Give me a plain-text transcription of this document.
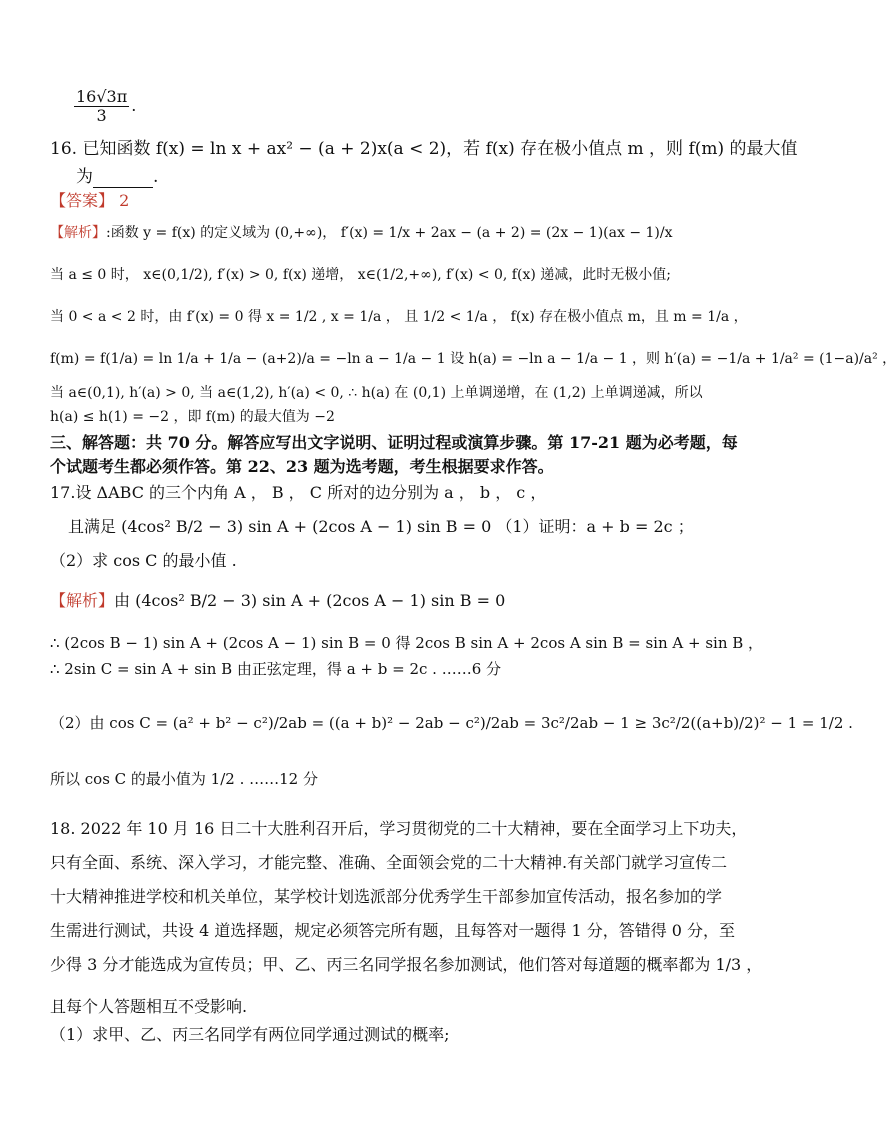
$\frac{16√3\pi}{3}$ .
16. 已知函数 f(x) = ln x + ax² − (a + 2)x(a < 2)，若 f(x) 存在极小值点 m ，则 f(m) 的最大值
为	.
【答案】 2
【解析】:函数 y = f(x) 的定义域为 (0,+∞)， f′(x) = 1/x + 2ax − (a + 2) = (2x − 1)(ax − 1)/x
当 a ≤ 0 时， x∈(0,1/2), f′(x) > 0, f(x) 递增， x∈(1/2,+∞), f′(x) < 0, f(x) 递减，此时无极小值;
当 0 < a < 2 时，由 f′(x) = 0 得 x = 1/2 , x = 1/a ， 且 1/2 < 1/a ， f(x) 存在极小值点 m，且 m = 1/a ，
f(m) = f(1/a) = ln 1/a + 1/a − (a+2)/a = −ln a − 1/a − 1 设 h(a) = −ln a − 1/a − 1 ，则 h′(a) = −1/a + 1/a² = (1−a)/a² ，
当 a∈(0,1), h′(a) > 0, 当 a∈(1,2), h′(a) < 0, ∴ h(a) 在 (0,1) 上单调递增，在 (1,2) 上单调递减，所以
h(a) ≤ h(1) = −2 ，即 f(m) 的最大值为 −2
三、解答题：共 70 分。解答应写出文字说明、证明过程或演算步骤。第 17-21 题为必考题，每
个试题考生都必须作答。第 22、23 题为选考题，考生根据要求作答。
17.设 ΔABC 的三个内角 A ， B ， C 所对的边分别为 a ， b ， c ，
且满足 (4cos² B/2 − 3) sin A + (2cos A − 1) sin B = 0 （1）证明：a + b = 2c ；
（2）求 cos C 的最小值 .
【解析】由 (4cos² B/2 − 3) sin A + (2cos A − 1) sin B = 0
∴ (2cos B − 1) sin A + (2cos A − 1) sin B = 0 得 2cos B sin A + 2cos A sin B = sin A + sin B ，
∴ 2sin C = sin A + sin B 由正弦定理，得 a + b = 2c . ……6 分
（2）由 cos C = (a² + b² − c²)/2ab = ((a + b)² − 2ab − c²)/2ab = 3c²/2ab − 1 ≥ 3c²/2((a+b)/2)² − 1 = 1/2 .
所以 cos C 的最小值为 1/2 . ……12 分
18. 2022 年 10 月 16 日二十大胜利召开后，学习贯彻党的二十大精神，要在全面学习上下功夫，
只有全面、系统、深入学习，才能完整、准确、全面领会党的二十大精神.有关部门就学习宣传二
十大精神推进学校和机关单位，某学校计划选派部分优秀学生干部参加宣传活动，报名参加的学
生需进行测试，共设 4 道选择题，规定必须答完所有题，且每答对一题得 1 分，答错得 0 分，至
少得 3 分才能选成为宣传员；甲、乙、丙三名同学报名参加测试，他们答对每道题的概率都为 1/3 ，
且每个人答题相互不受影响.
（1）求甲、乙、丙三名同学有两位同学通过测试的概率;
